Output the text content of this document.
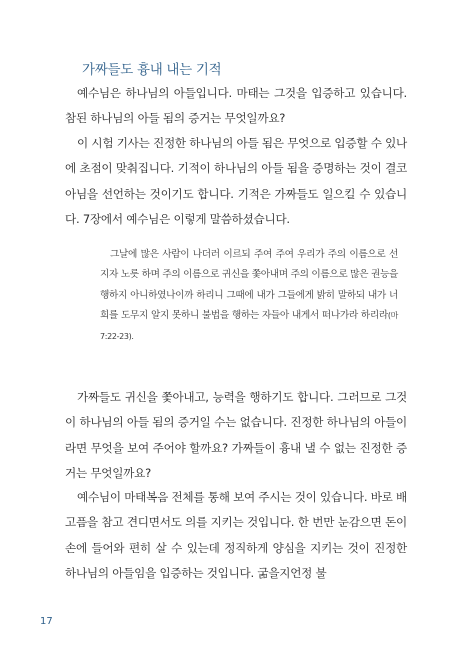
가짜들도 흉내 내는 기적

예수님은 하나님의 아들입니다. 마태는 그것을 입증하고 있습니다. 참된 하나님의 아들 됨의 증거는 무엇일까요?

이 시험 기사는 진정한 하나님의 아들 됨은 무엇으로 입증할 수 있나에 초점이 맞춰집니다. 기적이 하나님의 아들 됨을 증명하는 것이 결코 아님을 선언하는 것이기도 합니다. 기적은 가짜들도 일으킬 수 있습니다. 7장에서 예수님은 이렇게 말씀하셨습니다.

그날에 많은 사람이 나더러 이르되 주여 주여 우리가 주의 이름으로 선지자 노릇 하며 주의 이름으로 귀신을 쫓아내며 주의 이름으로 많은 권능을 행하지 아니하였나이까 하리니 그때에 내가 그들에게 밝히 말하되 내가 너희를 도무지 알지 못하니 불법을 행하는 자들아 내게서 떠나가라 하리라(마 7:22-23).

가짜들도 귀신을 쫓아내고, 능력을 행하기도 합니다. 그러므로 그것이 하나님의 아들 됨의 증거일 수는 없습니다. 진정한 하나님의 아들이라면 무엇을 보여 주어야 할까요? 가짜들이 흉내 낼 수 없는 진정한 증거는 무엇일까요?

예수님이 마태복음 전체를 통해 보여 주시는 것이 있습니다. 바로 배고픔을 참고 견디면서도 의를 지키는 것입니다. 한 번만 눈감으면 돈이 손에 들어와 편히 살 수 있는데 정직하게 양심을 지키는 것이 진정한 하나님의 아들임을 입증하는 것입니다. 굶을지언정 불

17
